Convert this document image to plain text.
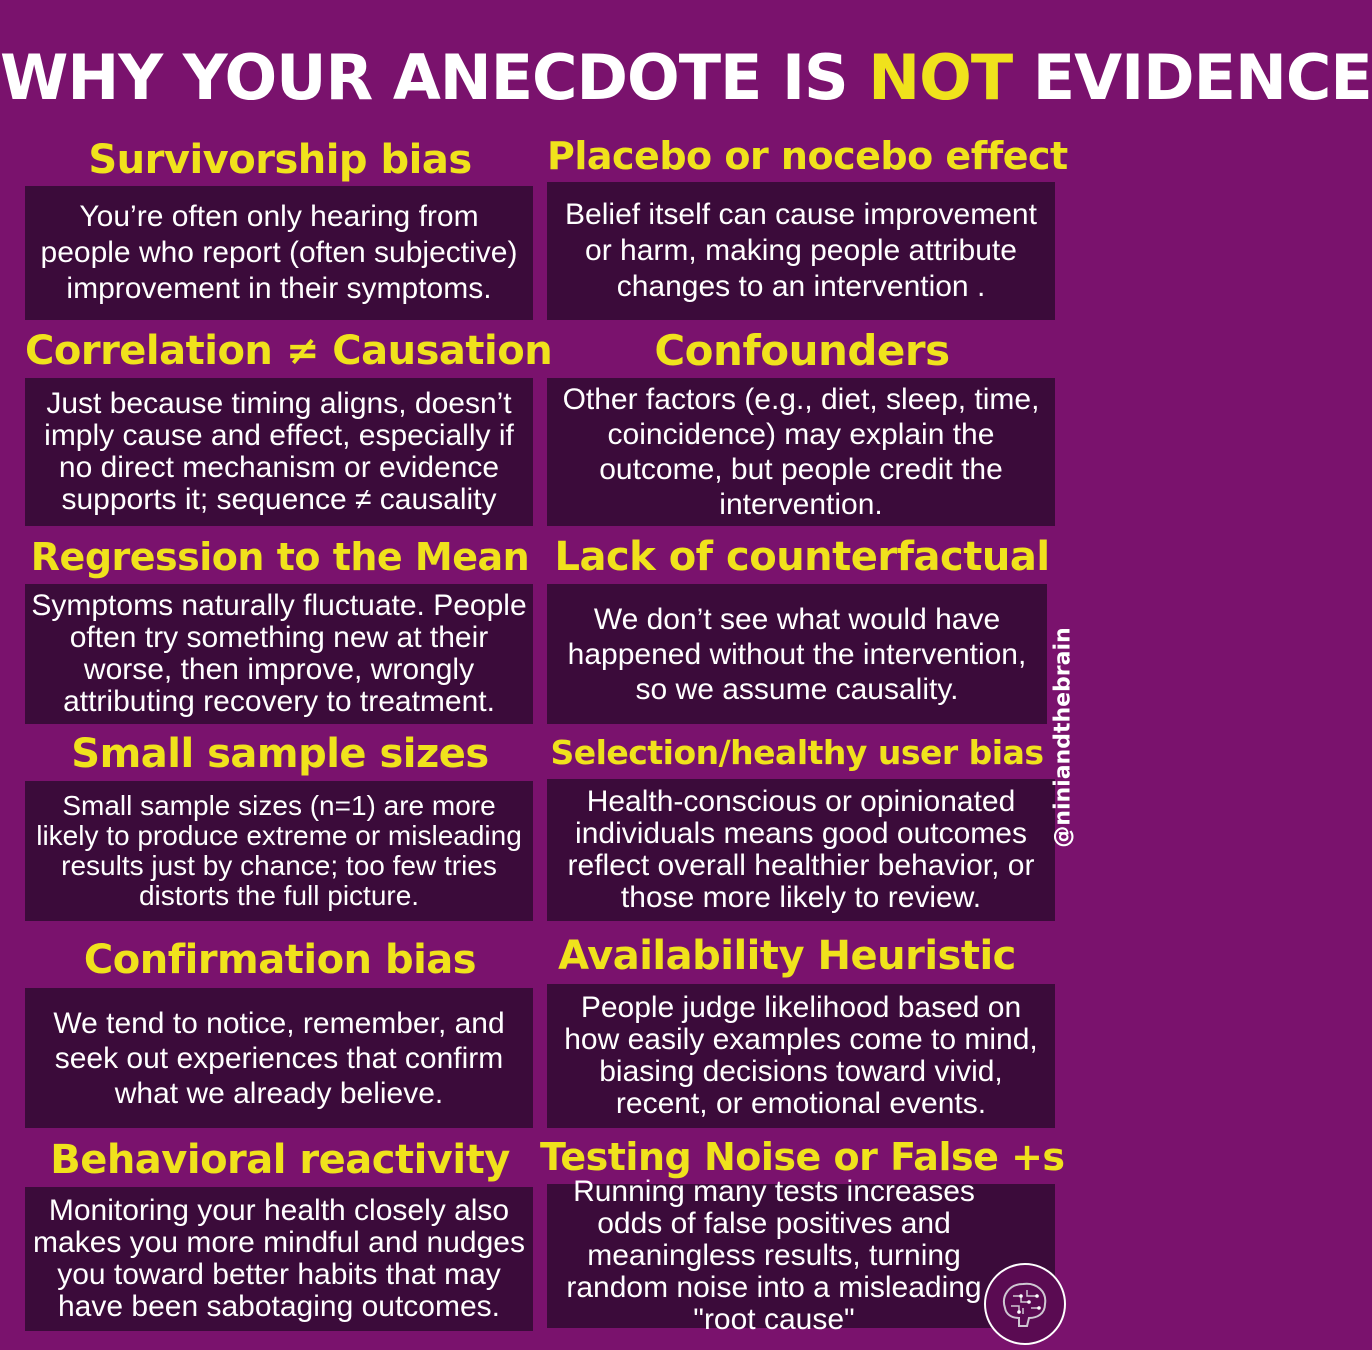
WHY YOUR ANECDOTE IS NOT EVIDENCE
Survivorship bias
You’re often only hearing from people who report (often subjective) improvement in their symptoms.
Placebo or nocebo effect
Belief itself can cause improvement or harm, making people attribute changes to an intervention .
Correlation ≠ Causation
Just because timing aligns, doesn’t imply cause and effect, especially if no direct mechanism or evidence supports it; sequence ≠ causality
Confounders
Other factors (e.g., diet, sleep, time, coincidence) may explain the outcome, but people credit the intervention.
Regression to the Mean
Symptoms naturally fluctuate. People often try something new at their worse, then improve, wrongly attributing recovery to treatment.
Lack of counterfactual
We don’t see what would have happened without the intervention, so we assume causality.
Small sample sizes
Small sample sizes (n=1) are more likely to produce extreme or misleading results just by chance; too few tries distorts the full picture.
Selection/healthy user bias
Health-conscious or opinionated individuals means good outcomes reflect overall healthier behavior, or those more likely to review.
Confirmation bias
We tend to notice, remember, and seek out experiences that confirm what we already believe.
Availability Heuristic
People judge likelihood based on how easily examples come to mind, biasing decisions toward vivid, recent, or emotional events.
Behavioral reactivity
Monitoring your health closely also makes you more mindful and nudges you toward better habits that may have been sabotaging outcomes.
Testing Noise or False +s
Running many tests increases odds of false positives and meaningless results, turning random noise into a misleading "root cause"
@niniandthebrain
